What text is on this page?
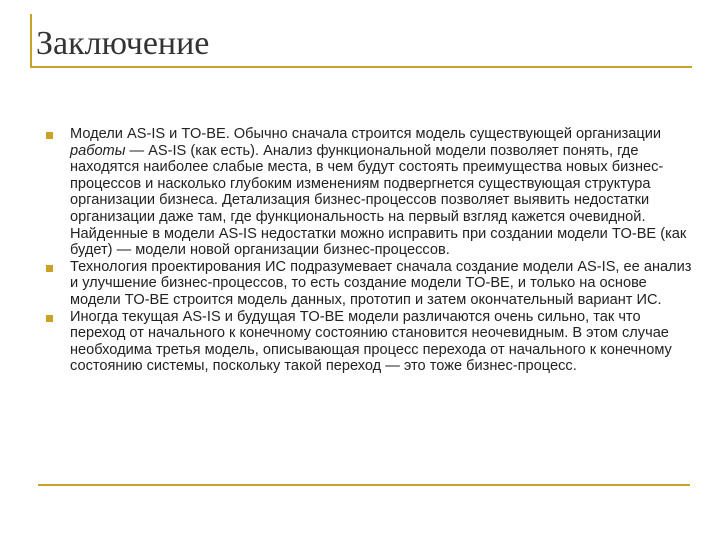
Заключение
Модели AS-IS и TO-BE. Обычно сначала строится модель существующей организации работы — AS-IS (как есть). Анализ функциональной модели позволяет понять, где находятся наиболее слабые места, в чем будут состоять преимущества новых бизнес-процессов и насколько глубоким изменениям подвергнется существующая структура организации бизнеса. Детализация бизнес-процессов позволяет выявить недостатки организации даже там, где функциональность на первый взгляд кажется очевидной. Найденные в модели AS-IS недостатки можно исправить при создании модели TO-BE (как будет) — модели новой организации бизнес-процессов.
Технология проектирования ИС подразумевает сначала создание модели AS-IS, ее анализ и улучшение бизнес-процессов, то есть создание модели TO-BE, и только на основе модели TO-BE строится модель данных, прототип и затем окончательный вариант ИС.
Иногда текущая AS-IS и будущая TO-BE модели различаются очень сильно, так что переход от начального к конечному состоянию становится неочевидным. В этом случае необходима третья модель, описывающая процесс перехода от начального к конечному состоянию системы, поскольку такой переход — это тоже бизнес-процесс.
